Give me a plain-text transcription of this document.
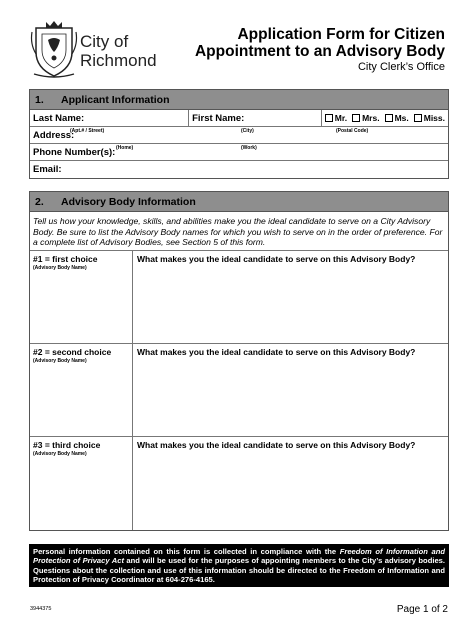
City of
Richmond
Application Form for Citizen
Appointment to an Advisory Body
City Clerk’s Office
1.	Applicant Information
Last Name:	First Name:	Mr. Mrs. Ms. Miss.
Address:
(Apt.# / Street)	(City)	(Postal Code)
Phone Number(s): (Home)	(Work)
Email:
2.	Advisory Body Information
Tell us how your knowledge, skills, and abilities make you the ideal candidate to serve on a City Advisory Body. Be sure to list the Advisory Body names for which you wish to serve on in the order of preference. For a complete list of Advisory Bodies, see Section 5 of this form.
#1 = first choice
(Advisory Body Name)
What makes you the ideal candidate to serve on this Advisory Body?
#2 = second choice
(Advisory Body Name)
What makes you the ideal candidate to serve on this Advisory Body?
#3 = third choice
(Advisory Body Name)
What makes you the ideal candidate to serve on this Advisory Body?
Personal information contained on this form is collected in compliance with the Freedom of Information and Protection of Privacy Act and will be used for the purposes of appointing members to the City’s advisory bodies. Questions about the collection and use of this information should be directed to the Freedom of Information and Protection of Privacy Coordinator at 604-276-4165.
3944375	Page 1 of 2
